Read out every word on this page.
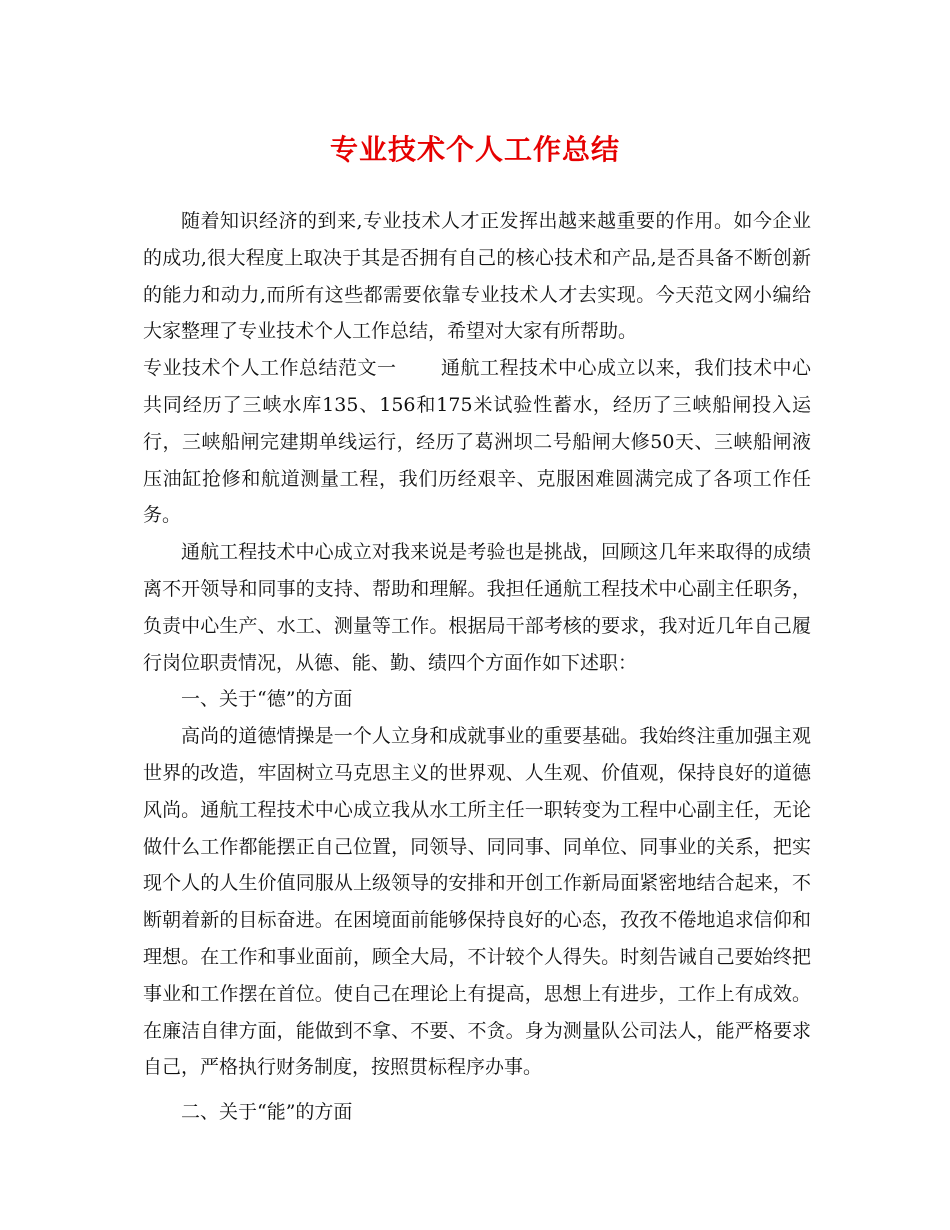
专业技术个人工作总结

随着知识经济的到来,专业技术人才正发挥出越来越重要的作用。如今企业的成功,很大程度上取决于其是否拥有自己的核心技术和产品,是否具备不断创新的能力和动力,而所有这些都需要依靠专业技术人才去实现。今天范文网小编给大家整理了专业技术个人工作总结，希望对大家有所帮助。

专业技术个人工作总结范文一 通航工程技术中心成立以来，我们技术中心共同经历了三峡水库135、156和175米试验性蓄水，经历了三峡船闸投入运行，三峡船闸完建期单线运行，经历了葛洲坝二号船闸大修50天、三峡船闸液压油缸抢修和航道测量工程，我们历经艰辛、克服困难圆满完成了各项工作任务。

通航工程技术中心成立对我来说是考验也是挑战，回顾这几年来取得的成绩离不开领导和同事的支持、帮助和理解。我担任通航工程技术中心副主任职务，负责中心生产、水工、测量等工作。根据局干部考核的要求，我对近几年自己履行岗位职责情况，从德、能、勤、绩四个方面作如下述职：

一、关于“德”的方面

高尚的道德情操是一个人立身和成就事业的重要基础。我始终注重加强主观世界的改造，牢固树立马克思主义的世界观、人生观、价值观，保持良好的道德风尚。通航工程技术中心成立我从水工所主任一职转变为工程中心副主任，无论做什么工作都能摆正自己位置，同领导、同同事、同单位、同事业的关系，把实现个人的人生价值同服从上级领导的安排和开创工作新局面紧密地结合起来，不断朝着新的目标奋进。在困境面前能够保持良好的心态，孜孜不倦地追求信仰和理想。在工作和事业面前，顾全大局，不计较个人得失。时刻告诫自己要始终把事业和工作摆在首位。使自己在理论上有提高，思想上有进步，工作上有成效。在廉洁自律方面，能做到不拿、不要、不贪。身为测量队公司法人，能严格要求自己，严格执行财务制度，按照贯标程序办事。

二、关于“能”的方面
